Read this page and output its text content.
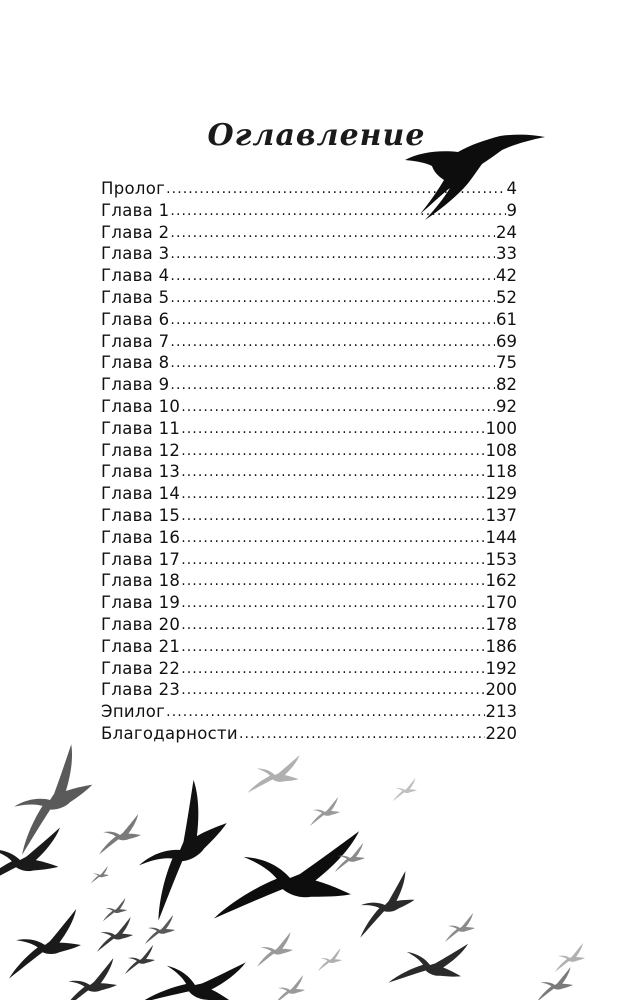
Оглавление
Пролог .....	4
Глава 1 .....	9
Глава 2 .....	24
Глава 3 .....	33
Глава 4 .....	42
Глава 5 .....	52
Глава 6 .....	61
Глава 7 .....	69
Глава 8 .....	75
Глава 9 .....	82
Глава 10 .....	92
Глава 11 .....	100
Глава 12 .....	108
Глава 13 .....	118
Глава 14 .....	129
Глава 15 .....	137
Глава 16 .....	144
Глава 17 .....	153
Глава 18 .....	162
Глава 19 .....	170
Глава 20 .....	178
Глава 21 .....	186
Глава 22 .....	192
Глава 23 .....	200
Эпилог .....	213
Благодарности .....	220
